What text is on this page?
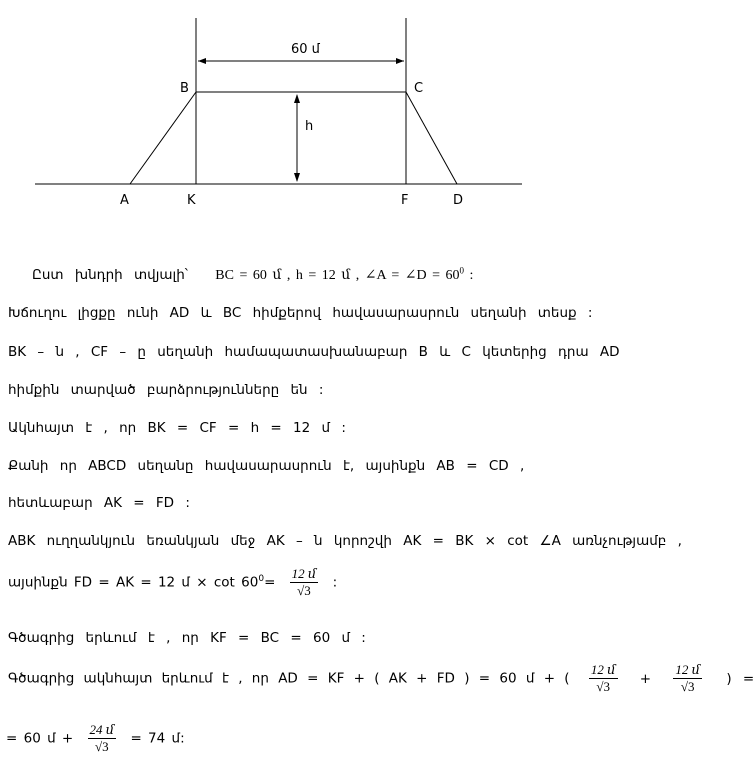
60 մ
h
B	C
A	K	F	D
Ըստ խնդրի տվյալի՝ BC = 60 մ , h = 12 մ , ∠A = ∠D = $60^0$ :
Խճուղու լիցքը ունի AD և BC հիմքերով հավասարասրուն սեղանի տեսք :
BK – ն , CF – ը սեղանի համապատասխանաբար B և C կետերից դրա AD
հիմքին տարված բարձրությունները են :
Ակնհայտ է , որ BK = CF = h = 12 մ :
Քանի որ ABCD սեղանը հավասարասրուն է, այսինքն AB = CD ,
հետևաբար AK = FD :
ABK ուղղանկյուն եռանկյան մեջ AK – ն կորոշվի AK = BK × cot ∠A առնչությամբ ,
այսինքն FD = AK = 12 մ × $\cot 60^0= \frac{\text{12 մ}}{√3}$ :
Գծագրից երևում է , որ KF = BC = 60 մ :
Գծագրից ակնհայտ երևում է , որ AD = KF + ( AK + FD ) = 60 մ + ( $\frac{\text{12 մ}}{√3} + \frac{\text{12 մ}}{√3}$ ) =
= 60 մ + $\frac{\text{24 մ}}{√3} = 74$ մ:
